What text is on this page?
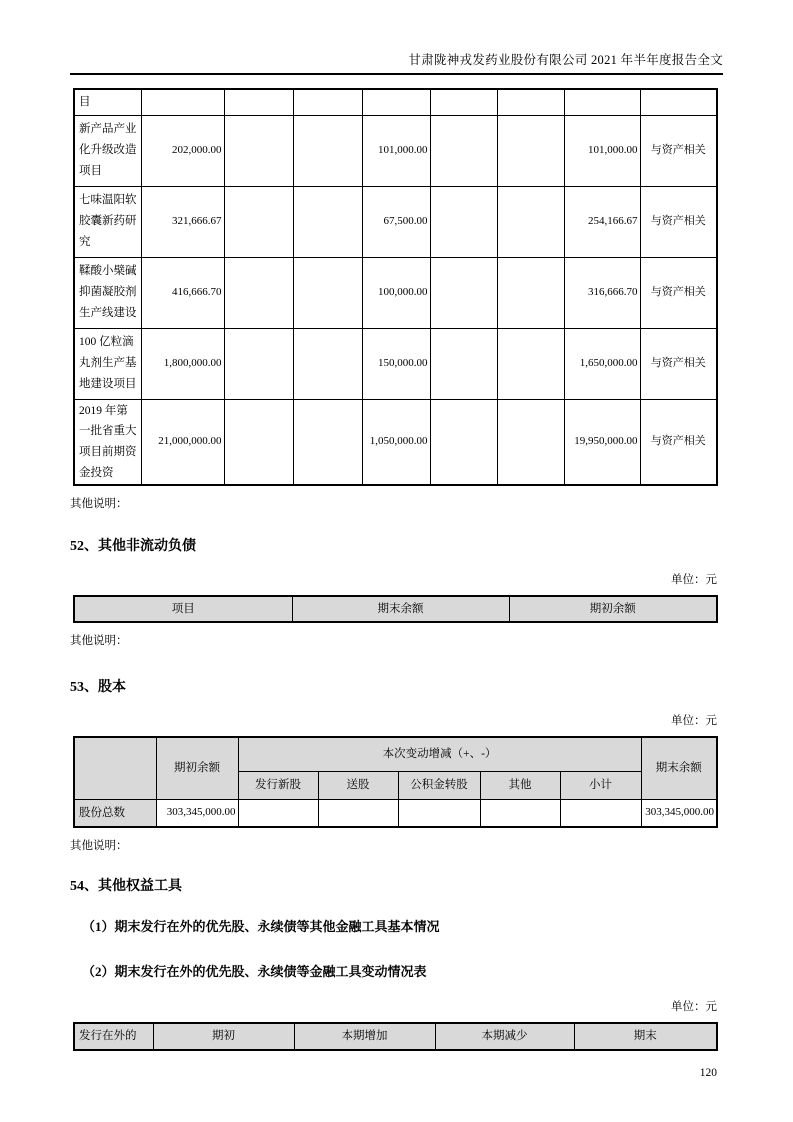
甘肃陇神戎发药业股份有限公司 2021 年半年度报告全文
目								
新产品产业化升级改造项目	202,000.00			101,000.00			101,000.00	与资产相关
七味温阳软胶囊新药研究	321,666.67			67,500.00			254,166.67	与资产相关
鞣酸小檗碱抑菌凝胶剂生产线建设	416,666.70			100,000.00			316,666.70	与资产相关
100 亿粒滴丸剂生产基地建设项目	1,800,000.00			150,000.00			1,650,000.00	与资产相关
2019 年第一批省重大项目前期资金投资	21,000,000.00			1,050,000.00			19,950,000.00	与资产相关
其他说明：
52、其他非流动负债
单位：元
项目	期末余额	期初余额
其他说明：
53、股本
单位：元
	期初余额	本次变动增减（+、-）					期末余额
		发行新股	送股	公积金转股	其他	小计	
股份总数	303,345,000.00						303,345,000.00
其他说明：
54、其他权益工具
（1）期末发行在外的优先股、永续债等其他金融工具基本情况
（2）期末发行在外的优先股、永续债等金融工具变动情况表
单位：元
发行在外的	期初	本期增加	本期减少	期末
120
